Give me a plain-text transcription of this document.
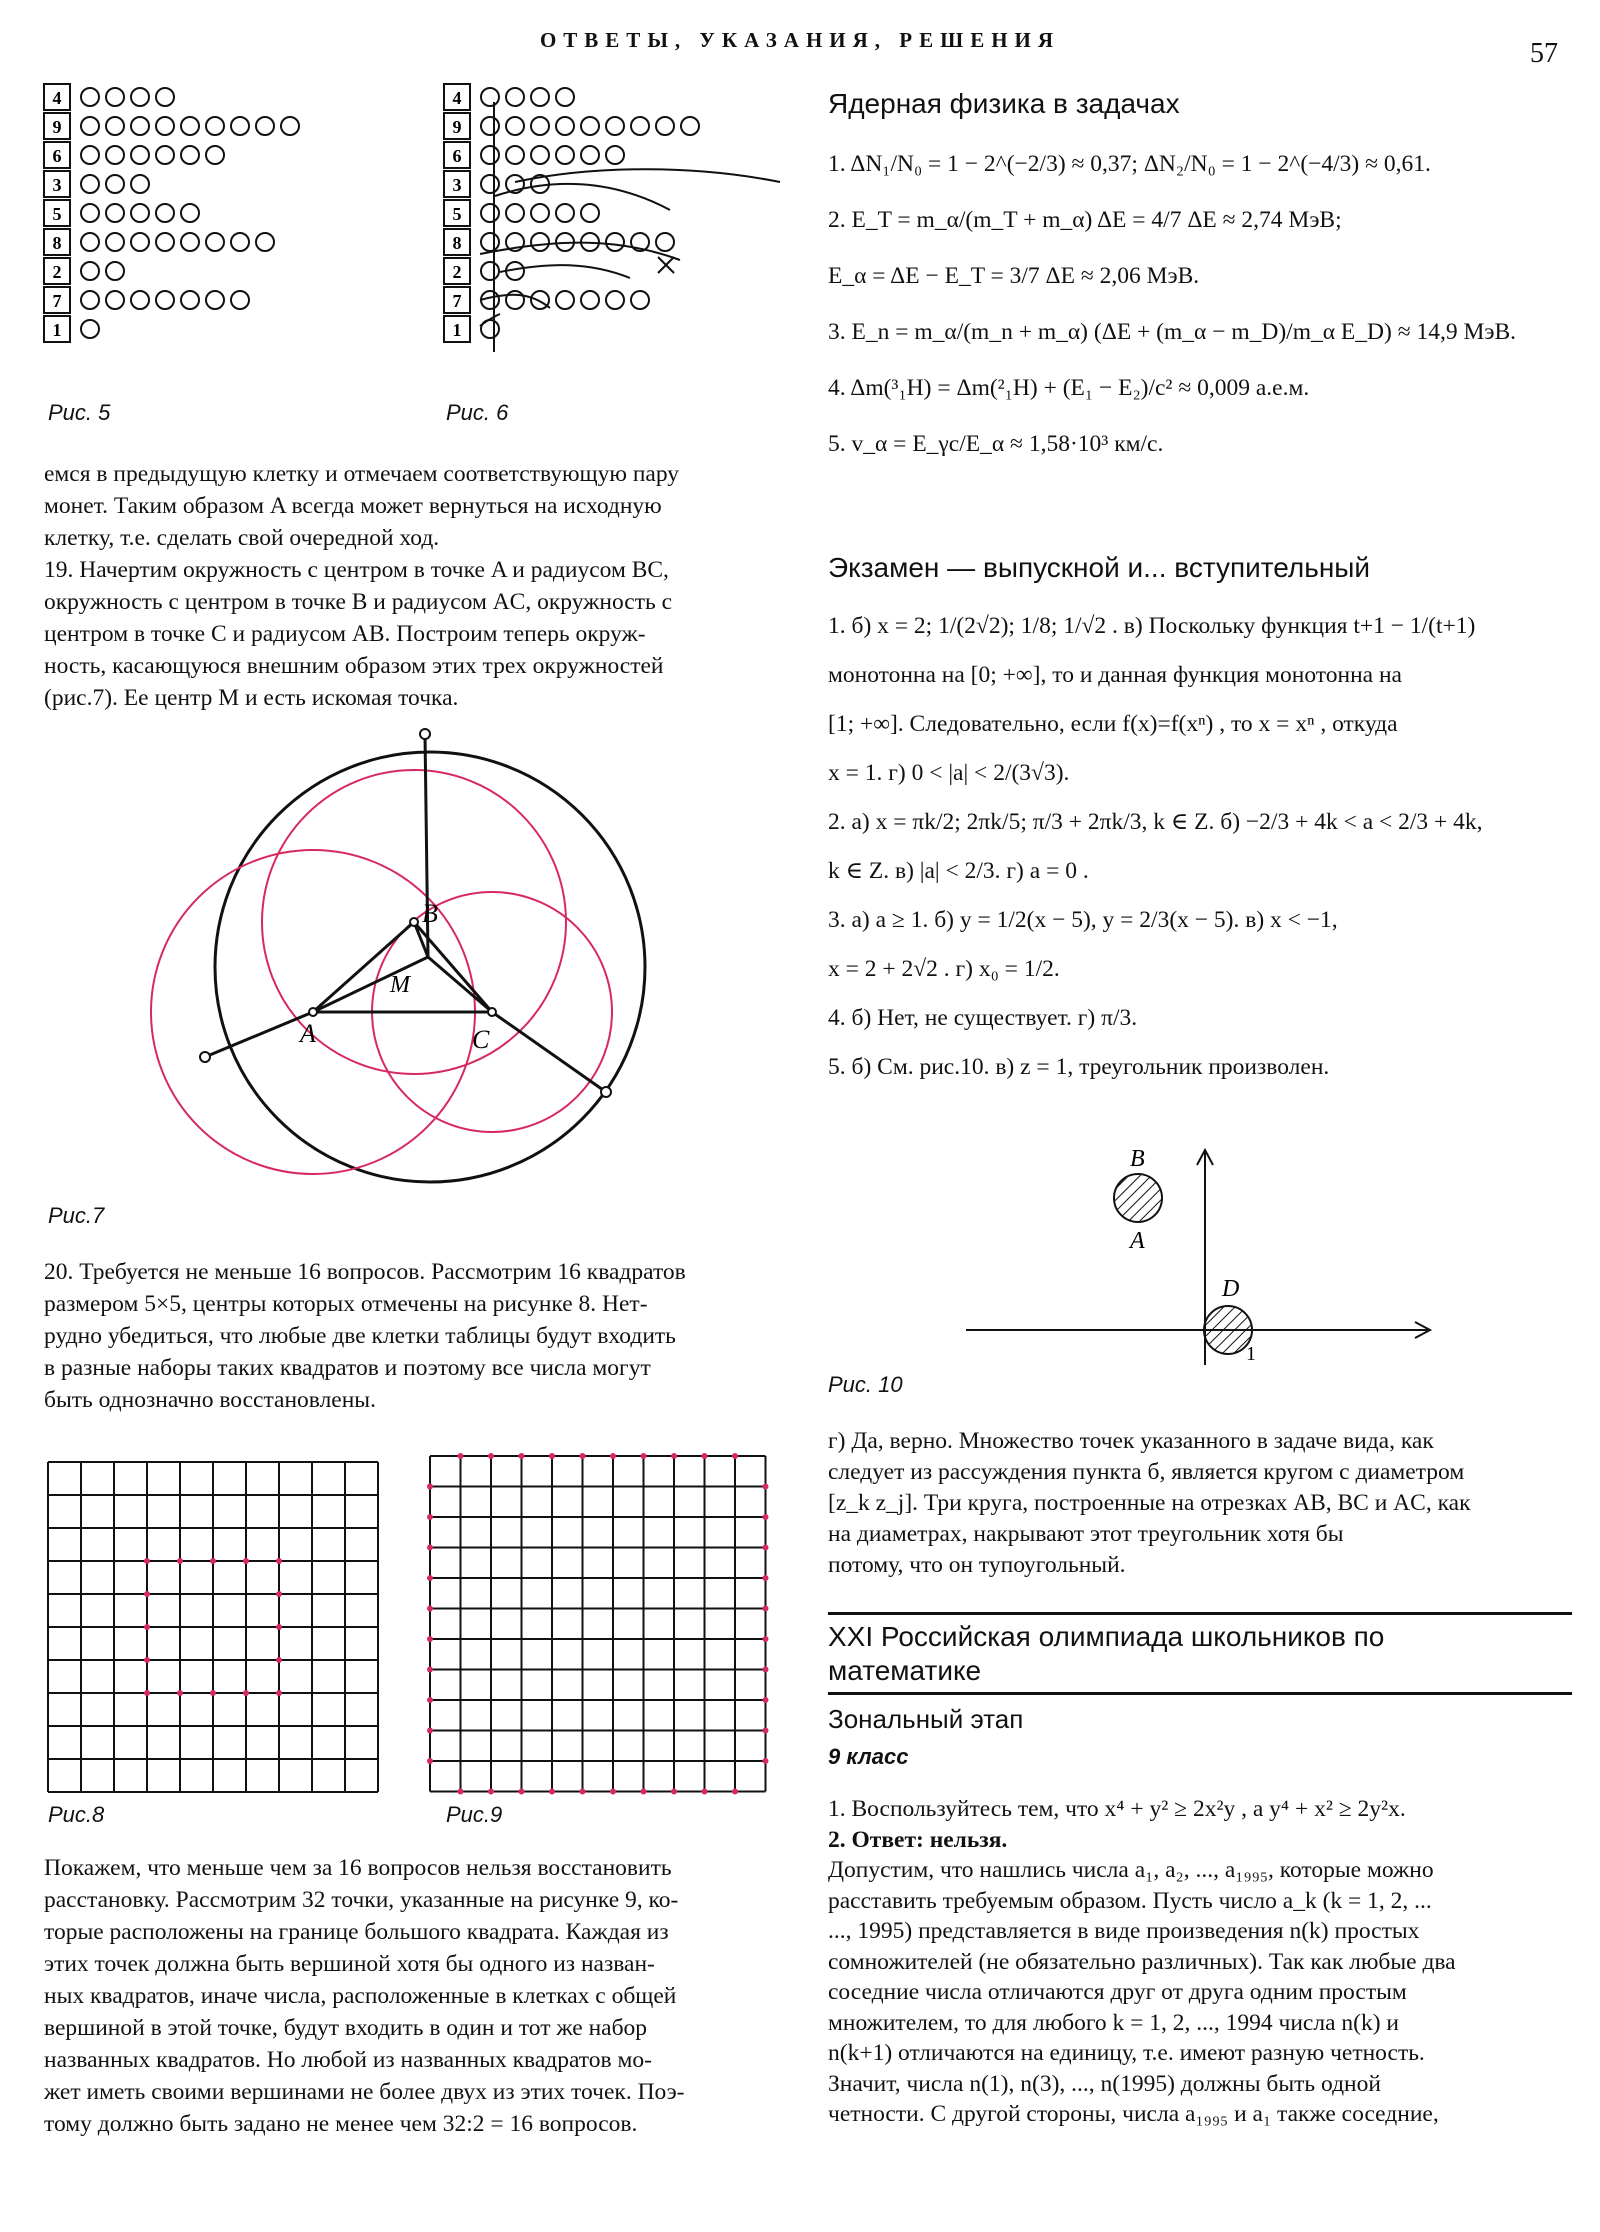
ОТВЕТЫ, УКАЗАНИЯ, РЕШЕНИЯ	57
4
9
6
3
5
8
2
7
1
Рис. 5
4
9
6
3
5
8
2
7
1
Рис. 6
емся в предыдущую клетку и отмечаем соответствующую пару
монет. Таким образом A всегда может вернуться на исходную
клетку, т.е. сделать свой очередной ход.
19. Начертим окружность с центром в точке A и радиусом BC,
окружность с центром в точке B и радиусом AC, окружность с
центром в точке C и радиусом AB. Построим теперь окруж-
ность, касающуюся внешним образом этих трех окружностей
(рис.7). Ее центр M и есть искомая точка.
A
B
C
M
Рис.7
20. Требуется не меньше 16 вопросов. Рассмотрим 16 квадратов
размером 5×5, центры которых отмечены на рисунке 8. Нет-
рудно убедиться, что любые две клетки таблицы будут входить
в разные наборы таких квадратов и поэтому все числа могут
быть однозначно восстановлены.
Рис.8	Рис.9
Покажем, что меньше чем за 16 вопросов нельзя восстановить
расстановку. Рассмотрим 32 точки, указанные на рисунке 9, ко-
торые расположены на границе большого квадрата. Каждая из
этих точек должна быть вершиной хотя бы одного из назван-
ных квадратов, иначе числа, расположенные в клетках с общей
вершиной в этой точке, будут входить в один и тот же набор
названных квадратов. Но любой из названных квадратов мо-
жет иметь своими вершинами не более двух из этих точек. Поэ-
тому должно быть задано не менее чем 32:2 = 16 вопросов.
Ядерная физика в задачах
1. ΔN₁/N₀ = 1 − 2^(−2/3) ≈ 0,37; ΔN₂/N₀ = 1 − 2^(−4/3) ≈ 0,61.
2. E_T = m_α/(m_T + m_α) ΔE = 4/7 ΔE ≈ 2,74 МэВ;
E_α = ΔE − E_T = 3/7 ΔE ≈ 2,06 МэВ.
3. E_n = m_α/(m_n + m_α) (ΔE + (m_α − m_D)/m_α E_D) ≈ 14,9 МэВ.
4. Δm(³₁H) = Δm(²₁H) + (E₁ − E₂)/c² ≈ 0,009 а.е.м.
5. v_α = E_γc/E_α ≈ 1,58·10³ км/с.
Экзамен — выпускной и... вступительный
1. б) x = 2; 1/(2√2); 1/8; 1/√2 . в) Поскольку функция t+1 − 1/(t+1)
монотонна на [0; +∞], то и данная функция монотонна на
[1; +∞]. Следовательно, если f(x)=f(xⁿ) , то x = xⁿ , откуда
x = 1. г) 0 < |a| < 2/(3√3).
2. а) x = πk/2; 2πk/5; π/3 + 2πk/3, k ∈ Z. б) −2/3 + 4k < a < 2/3 + 4k,
k ∈ Z. в) |a| < 2/3. г) a = 0 .
3. а) a ≥ 1. б) y = 1/2(x − 5), y = 2/3(x − 5). в) x < −1,
x = 2 + 2√2 . г) x₀ = 1/2.
4. б) Нет, не существует. г) π/3.
5. б) См. рис.10. в) z = 1, треугольник произволен.
B
A
D
1
Рис. 10
г) Да, верно. Множество точек указанного в задаче вида, как
следует из рассуждения пункта б, является кругом с диаметром
[z_k z_j]. Три круга, построенные на отрезках AB, BC и AC, как
на диаметрах, накрывают этот треугольник хотя бы
потому, что он тупоугольный.
XXI Российская олимпиада школьников по
математике
Зональный этап
9 класс
1. Воспользуйтесь тем, что x⁴ + y² ≥ 2x²y , а y⁴ + x² ≥ 2y²x.
2. Ответ: нельзя.
Допустим, что нашлись числа a₁, a₂, ..., a₁₉₉₅, которые можно
расставить требуемым образом. Пусть число a_k (k = 1, 2, ...
..., 1995) представляется в виде произведения n(k) простых
сомножителей (не обязательно различных). Так как любые два
соседние числа отличаются друг от друга одним простым
множителем, то для любого k = 1, 2, ..., 1994 числа n(k) и
n(k+1) отличаются на единицу, т.е. имеют разную четность.
Значит, числа n(1), n(3), ..., n(1995) должны быть одной
четности. С другой стороны, числа a₁₉₉₅ и a₁ также соседние,
